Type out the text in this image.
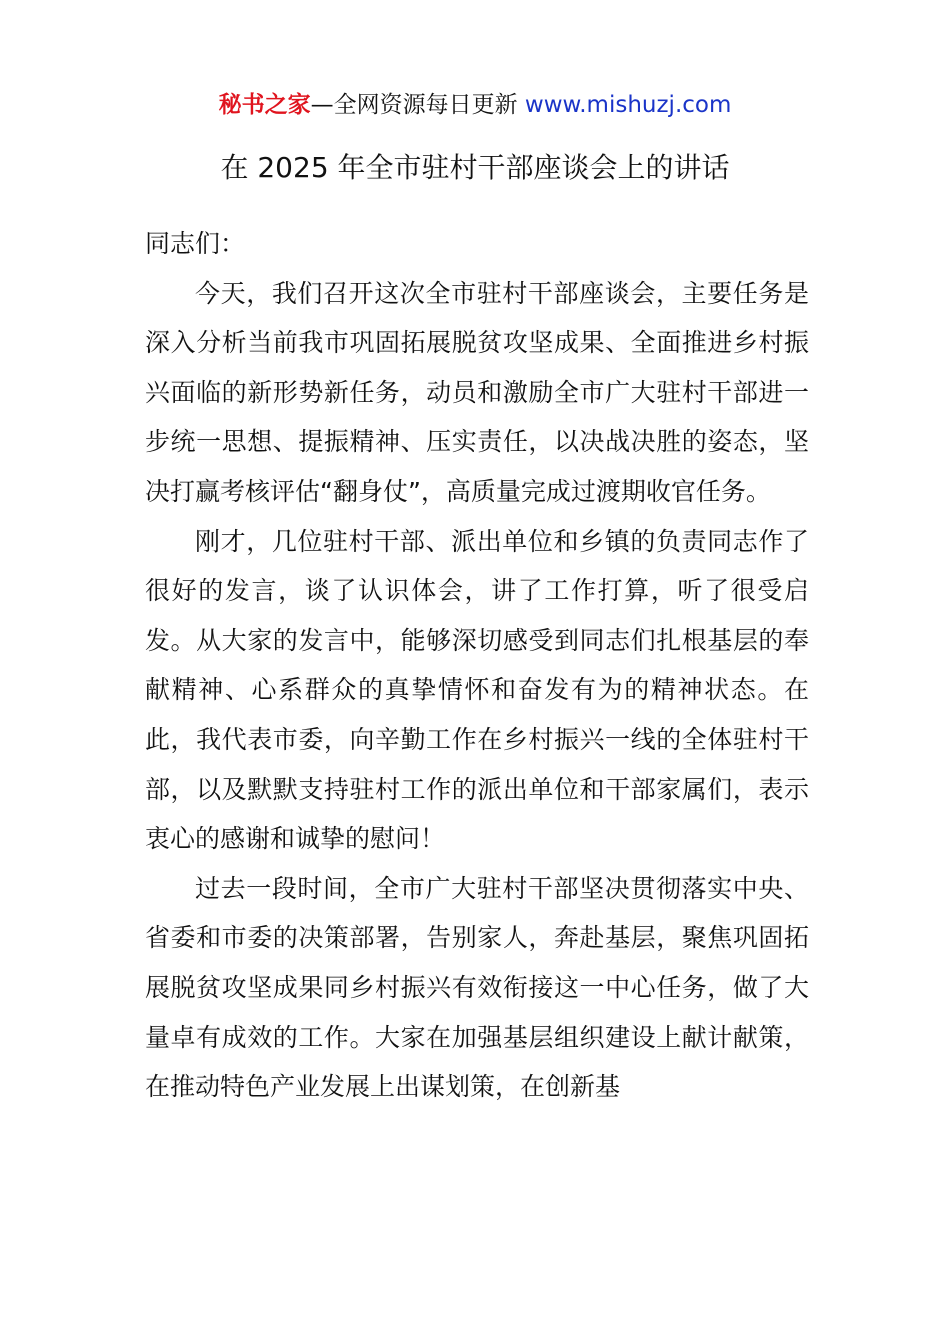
秘书之家—全网资源每日更新 www.mishuzj.com
在 2025 年全市驻村干部座谈会上的讲话

同志们：

今天，我们召开这次全市驻村干部座谈会，主要任务是深入分析当前我市巩固拓展脱贫攻坚成果、全面推进乡村振兴面临的新形势新任务，动员和激励全市广大驻村干部进一步统一思想、提振精神、压实责任，以决战决胜的姿态，坚决打赢考核评估“翻身仗”，高质量完成过渡期收官任务。

刚才，几位驻村干部、派出单位和乡镇的负责同志作了很好的发言，谈了认识体会，讲了工作打算，听了很受启发。从大家的发言中，能够深切感受到同志们扎根基层的奉献精神、心系群众的真挚情怀和奋发有为的精神状态。在此，我代表市委，向辛勤工作在乡村振兴一线的全体驻村干部，以及默默支持驻村工作的派出单位和干部家属们，表示衷心的感谢和诚挚的慰问！

过去一段时间，全市广大驻村干部坚决贯彻落实中央、省委和市委的决策部署，告别家人，奔赴基层，聚焦巩固拓展脱贫攻坚成果同乡村振兴有效衔接这一中心任务，做了大量卓有成效的工作。大家在加强基层组织建设上献计献策，在推动特色产业发展上出谋划策，在创新基
